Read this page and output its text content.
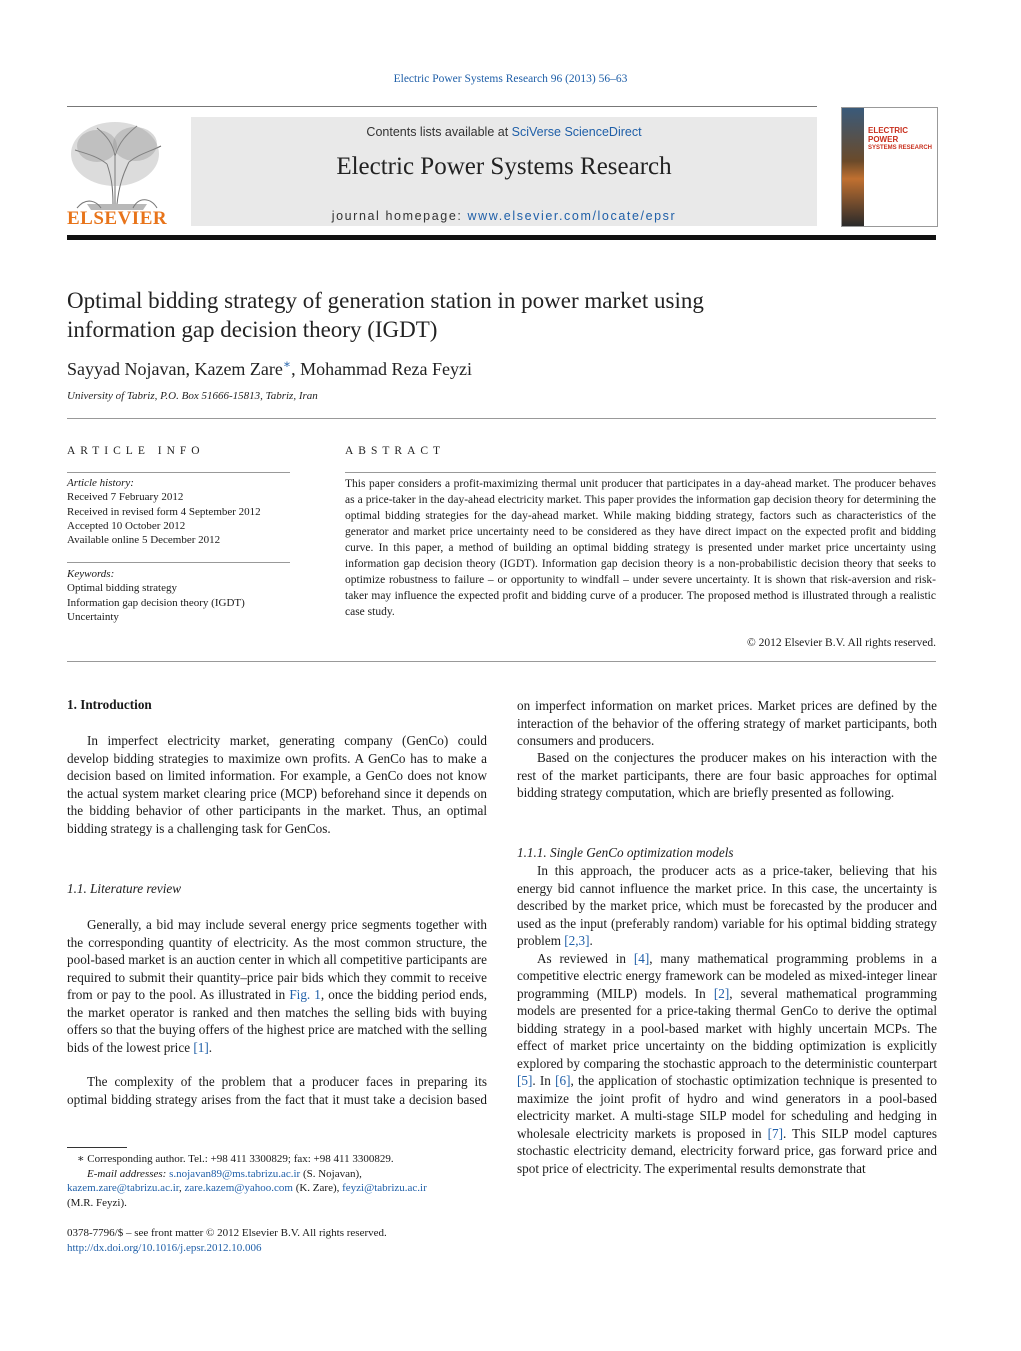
Electric Power Systems Research 96 (2013) 56–63
ELSEVIER
Contents lists available at SciVerse ScienceDirect
Electric Power Systems Research
journal homepage: www.elsevier.com/locate/epsr
ELECTRIC POWER
SYSTEMS RESEARCH
Optimal bidding strategy of generation station in power market using
information gap decision theory (IGDT)
Sayyad Nojavan, Kazem Zare∗, Mohammad Reza Feyzi
University of Tabriz, P.O. Box 51666-15813, Tabriz, Iran
ARTICLE INFO
Article history:
Received 7 February 2012
Received in revised form 4 September 2012
Accepted 10 October 2012
Available online 5 December 2012
Keywords:
Optimal bidding strategy
Information gap decision theory (IGDT)
Uncertainty
ABSTRACT
This paper considers a profit-maximizing thermal unit producer that participates in a day-ahead market. The producer behaves as a price-taker in the day-ahead electricity market. This paper provides the information gap decision theory for determining the optimal bidding strategies for the day-ahead market. While making bidding strategy, factors such as characteristics of the generator and market price uncertainty need to be considered as they have direct impact on the expected profit and bidding curve. In this paper, a method of building an optimal bidding strategy is presented under market price uncertainty using information gap decision theory (IGDT). Information gap decision theory is a non-probabilistic decision theory that seeks to optimize robustness to failure – or opportunity to windfall – under severe uncertainty. It is shown that risk-aversion and risk-taker may influence the expected profit and bidding curve of a producer. The proposed method is illustrated through a realistic case study.
© 2012 Elsevier B.V. All rights reserved.
1. Introduction

In imperfect electricity market, generating company (GenCo) could develop bidding strategies to maximize own profits. A GenCo has to make a decision based on limited information. For example, a GenCo does not know the actual system market clearing price (MCP) beforehand since it depends on the bidding behavior of other participants in the market. Thus, an optimal bidding strategy is a challenging task for GenCos.

1.1. Literature review

Generally, a bid may include several energy price segments together with the corresponding quantity of electricity. As the most common structure, the pool-based market is an auction center in which all competitive participants are required to submit their quantity–price pair bids which they commit to receive from or pay to the pool. As illustrated in Fig. 1, once the bidding period ends, the market operator is ranked and then matches the selling bids with buying offers so that the buying offers of the highest price are matched with the selling bids of the lowest price [1].

The complexity of the problem that a producer faces in preparing its optimal bidding strategy arises from the fact that it must take a decision based

on imperfect information on market prices. Market prices are defined by the interaction of the behavior of the offering strategy of market participants, both consumers and producers.

Based on the conjectures the producer makes on his interaction with the rest of the market participants, there are four basic approaches for optimal bidding strategy computation, which are briefly presented as following.

1.1.1. Single GenCo optimization models

In this approach, the producer acts as a price-taker, believing that his energy bid cannot influence the market price. In this case, the uncertainty is described by the market price, which must be forecasted by the producer and used as the input (preferably random) variable for his optimal bidding strategy problem [2,3].

As reviewed in [4], many mathematical programming problems in a competitive electric energy framework can be modeled as mixed-integer linear programming (MILP) models. In [2], several mathematical programming models are presented for a price-taking thermal GenCo to derive the optimal bidding strategy in a pool-based market with highly uncertain MCPs. The effect of market price uncertainty on the bidding optimization is explicitly explored by comparing the stochastic approach to the deterministic counterpart [5]. In [6], the application of stochastic optimization technique is presented to maximize the joint profit of hydro and wind generators in a pool-based electricity market. A multi-stage SILP model for scheduling and hedging in wholesale electricity markets is proposed in [7]. This SILP model captures stochastic electricity demand, electricity forward price, gas forward price and spot price of electricity. The experimental results demonstrate that

∗ Corresponding author. Tel.: +98 411 3300829; fax: +98 411 3300829.
E-mail addresses: s.nojavan89@ms.tabrizu.ac.ir (S. Nojavan),
kazem.zare@tabrizu.ac.ir, zare.kazem@yahoo.com (K. Zare), feyzi@tabrizu.ac.ir
(M.R. Feyzi).
0378-7796/$ – see front matter © 2012 Elsevier B.V. All rights reserved.
http://dx.doi.org/10.1016/j.epsr.2012.10.006
